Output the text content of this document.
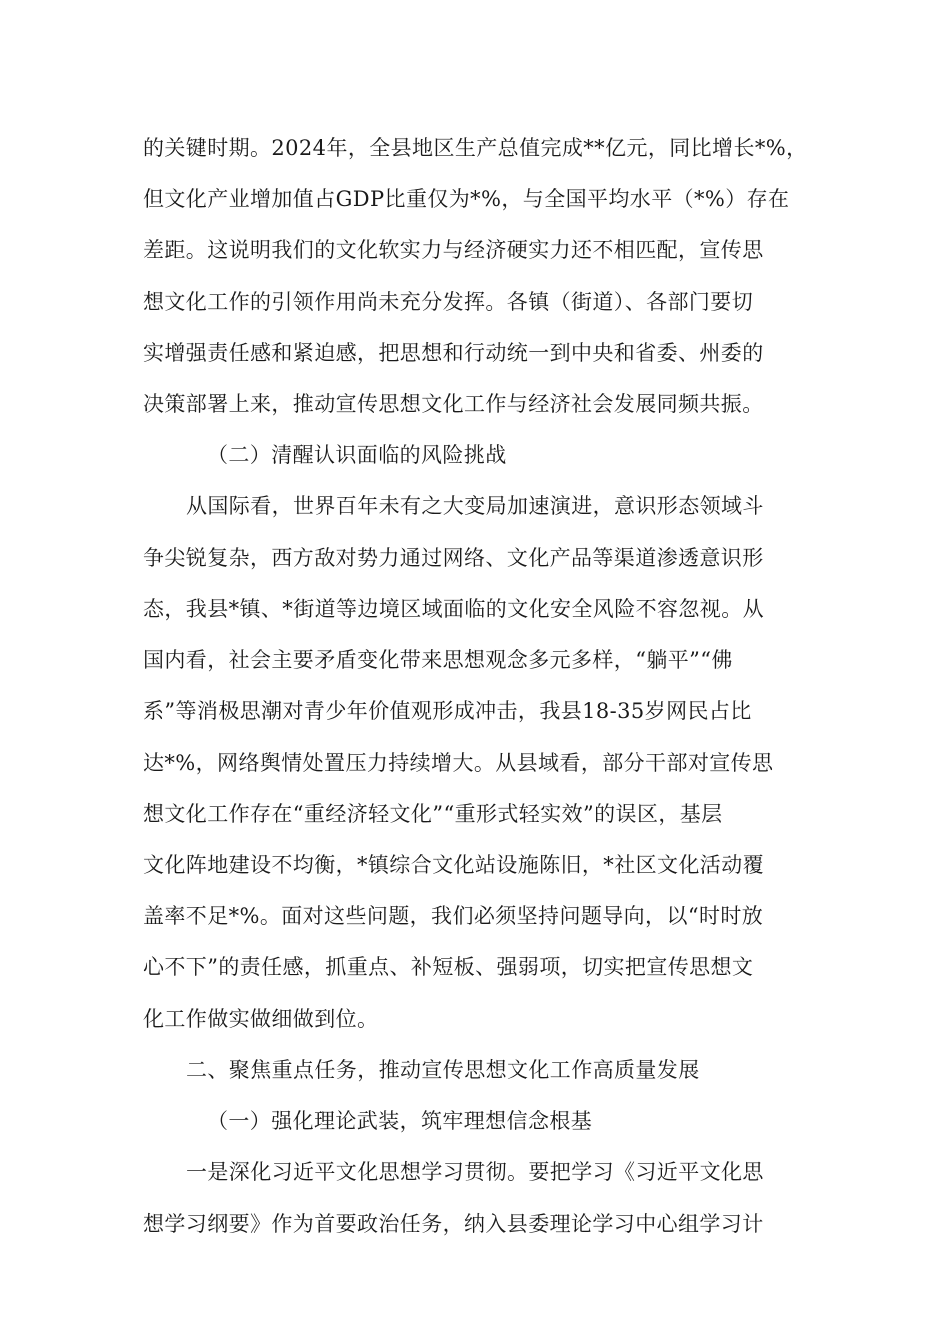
的关键时期。2024年，全县地区生产总值完成**亿元，同比增长*%，
但文化产业增加值占GDP比重仅为*%，与全国平均水平（*%）存在
差距。这说明我们的文化软实力与经济硬实力还不相匹配，宣传思
想文化工作的引领作用尚未充分发挥。各镇（街道）、各部门要切
实增强责任感和紧迫感，把思想和行动统一到中央和省委、州委的
决策部署上来，推动宣传思想文化工作与经济社会发展同频共振。
（二）清醒认识面临的风险挑战
从国际看，世界百年未有之大变局加速演进，意识形态领域斗
争尖锐复杂，西方敌对势力通过网络、文化产品等渠道渗透意识形
态，我县*镇、*街道等边境区域面临的文化安全风险不容忽视。从
国内看，社会主要矛盾变化带来思想观念多元多样，“躺平”“佛
系”等消极思潮对青少年价值观形成冲击，我县18-35岁网民占比
达*%，网络舆情处置压力持续增大。从县域看，部分干部对宣传思
想文化工作存在“重经济轻文化”“重形式轻实效”的误区，基层
文化阵地建设不均衡，*镇综合文化站设施陈旧，*社区文化活动覆
盖率不足*%。面对这些问题，我们必须坚持问题导向，以“时时放
心不下”的责任感，抓重点、补短板、强弱项，切实把宣传思想文
化工作做实做细做到位。
二、聚焦重点任务，推动宣传思想文化工作高质量发展
（一）强化理论武装，筑牢理想信念根基
一是深化习近平文化思想学习贯彻。要把学习《习近平文化思
想学习纲要》作为首要政治任务，纳入县委理论学习中心组学习计
